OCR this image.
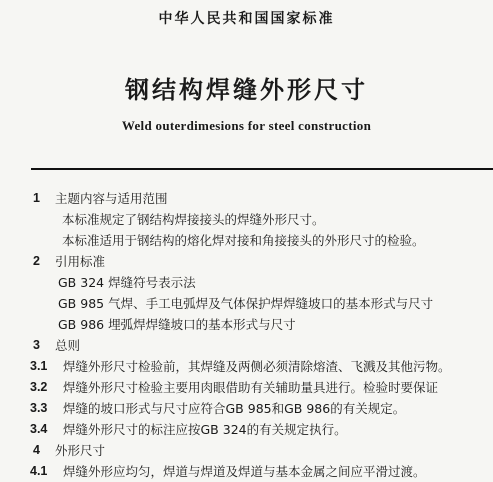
中华人民共和国国家标准
钢结构焊缝外形尺寸
Weld outerdimesions for steel construction
1 主题内容与适用范围
本标准规定了钢结构焊接接头的焊缝外形尺寸。
本标准适用于钢结构的熔化焊对接和角接接头的外形尺寸的检验。
2 引用标准
GB 324 焊缝符号表示法
GB 985 气焊、手工电弧焊及气体保护焊焊缝坡口的基本形式与尺寸
GB 986 埋弧焊焊缝坡口的基本形式与尺寸
3 总则
3.1 焊缝外形尺寸检验前，其焊缝及两侧必须清除熔渣、飞溅及其他污物。
3.2 焊缝外形尺寸检验主要用肉眼借助有关辅助量具进行。检验时要保证
3.3 焊缝的坡口形式与尺寸应符合GB 985和GB 986的有关规定。
3.4 焊缝外形尺寸的标注应按GB 324的有关规定执行。
4 外形尺寸
4.1 焊缝外形应均匀，焊道与焊道及焊道与基本金属之间应平滑过渡。
